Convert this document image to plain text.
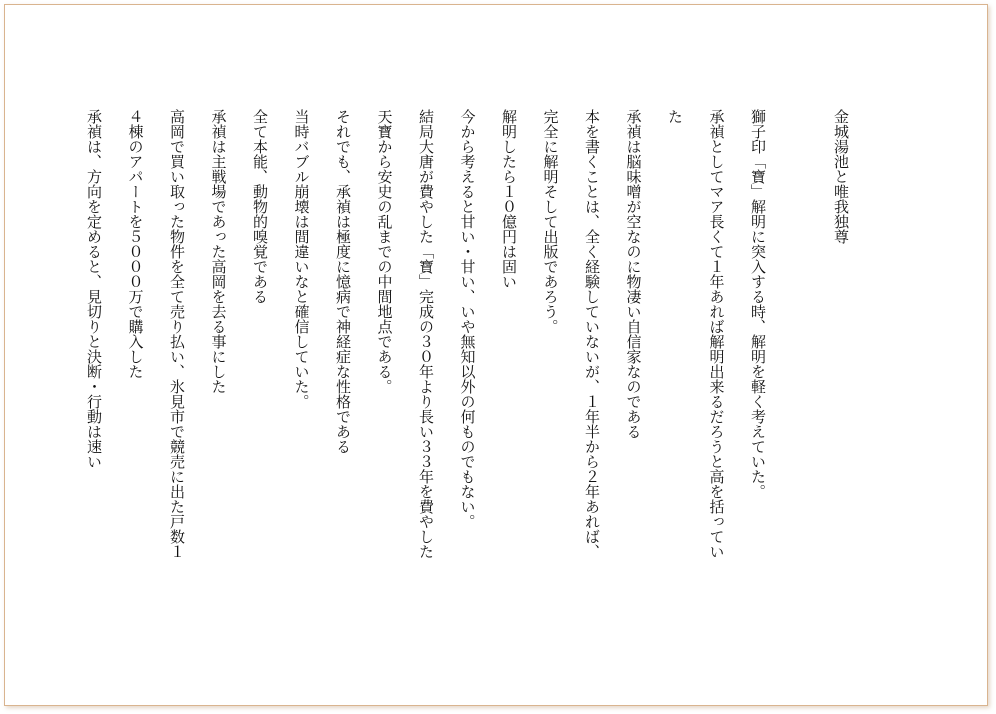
金城湯池と唯我独尊

獅子印「寶」解明に突入する時、解明を軽く考えていた。
承禎としてマア長くて１年あれば解明出来るだろうと高を括ってい
た
承禎は脳味噌が空なのに物凄い自信家なのである
本を書くことは、全く経験していないが、１年半から２年あれば、
完全に解明そして出版であろう。
解明したら１０億円は固い
今から考えると甘い・甘い、いや無知以外の何ものでもない。
結局大唐が費やした「寶」完成の３０年より長い３３年を費やした
天寶から安史の乱までの中間地点である。
それでも、承禎は極度に憶病で神経症な性格である
当時バブル崩壊は間違いなと確信していた。
全て本能、動物的嗅覚である
承禎は主戦場であった高岡を去る事にした
高岡で買い取った物件を全て売り払い、氷見市で競売に出た戸数１
４棟のアパートを５０００万で購入した
承禎は、方向を定めると、見切りと決断・行動は速い
